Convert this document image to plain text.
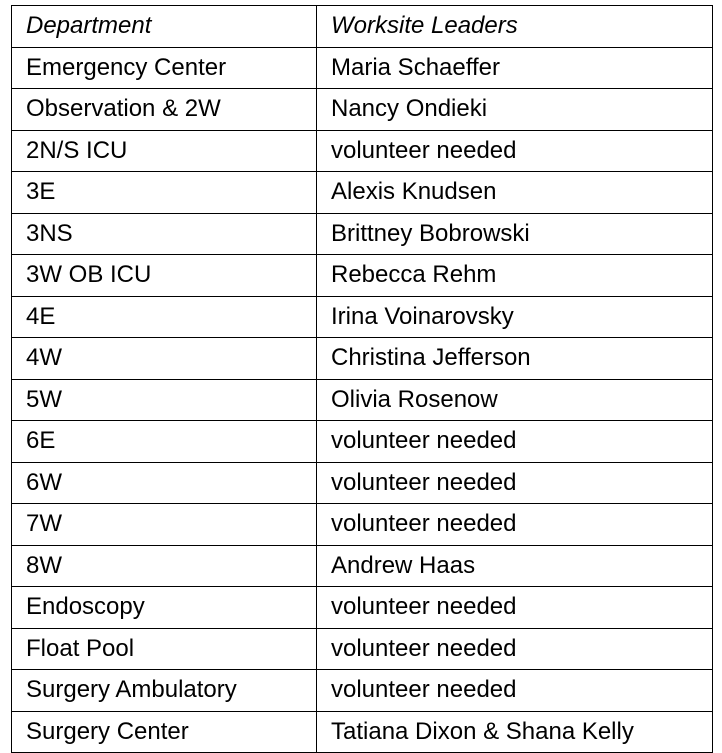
Department	Worksite Leaders
Emergency Center	Maria Schaeffer
Observation & 2W	Nancy Ondieki
2N/S ICU	volunteer needed
3E	Alexis Knudsen
3NS	Brittney Bobrowski
3W OB ICU	Rebecca Rehm
4E	Irina Voinarovsky
4W	Christina Jefferson
5W	Olivia Rosenow
6E	volunteer needed
6W	volunteer needed
7W	volunteer needed
8W	Andrew Haas
Endoscopy	volunteer needed
Float Pool	volunteer needed
Surgery Ambulatory	volunteer needed
Surgery Center	Tatiana Dixon & Shana Kelly
